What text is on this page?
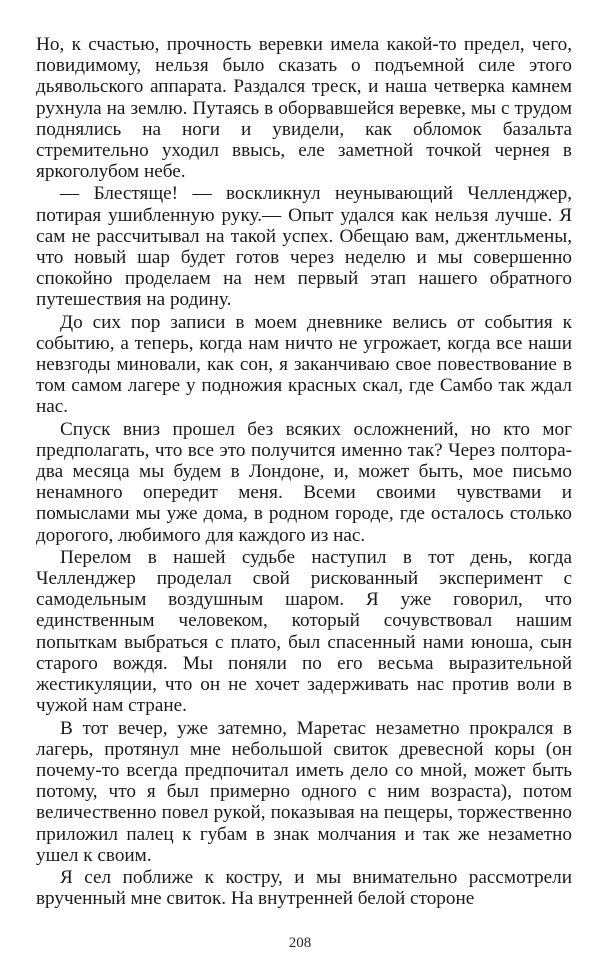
Но, к счастью, прочность веревки имела какой-то предел, чего, повидимому, нельзя было сказать о подъемной силе этого дьявольского аппарата. Раздался треск, и наша четверка камнем рухнула на землю. Путаясь в оборвавшейся веревке, мы с трудом поднялись на ноги и увидели, как обломок базальта стремительно уходил ввысь, еле заметной точкой чернея в яркоголубом небе.

— Блестяще! — воскликнул неунывающий Челленджер, потирая ушибленную руку.— Опыт удался как нельзя лучше. Я сам не рассчитывал на такой успех. Обещаю вам, джентльмены, что новый шар будет готов через неделю и мы совершенно спокойно проделаем на нем первый этап нашего обратного путешествия на родину.

До сих пор записи в моем дневнике велись от события к событию, а теперь, когда нам ничто не угрожает, когда все наши невзгоды миновали, как сон, я заканчиваю свое повествование в том самом лагере у подножия красных скал, где Самбо так ждал нас.

Спуск вниз прошел без всяких осложнений, но кто мог предполагать, что все это получится именно так? Через полтора-два месяца мы будем в Лондоне, и, может быть, мое письмо ненамного опередит меня. Всеми своими чувствами и помыслами мы уже дома, в родном городе, где осталось столько дорогого, любимого для каждого из нас.

Перелом в нашей судьбе наступил в тот день, когда Челленджер проделал свой рискованный эксперимент с самодельным воздушным шаром. Я уже говорил, что единственным человеком, который сочувствовал нашим попыткам выбраться с плато, был спасенный нами юноша, сын старого вождя. Мы поняли по его весьма выразительной жестикуляции, что он не хочет задерживать нас против воли в чужой нам стране.

В тот вечер, уже затемно, Маретас незаметно прокрался в лагерь, протянул мне небольшой свиток древесной коры (он почему-то всегда предпочитал иметь дело со мной, может быть потому, что я был примерно одного с ним возраста), потом величественно повел рукой, показывая на пещеры, торжественно приложил палец к губам в знак молчания и так же незаметно ушел к своим.

Я сел поближе к костру, и мы внимательно рассмотрели врученный мне свиток. На внутренней белой стороне

208
